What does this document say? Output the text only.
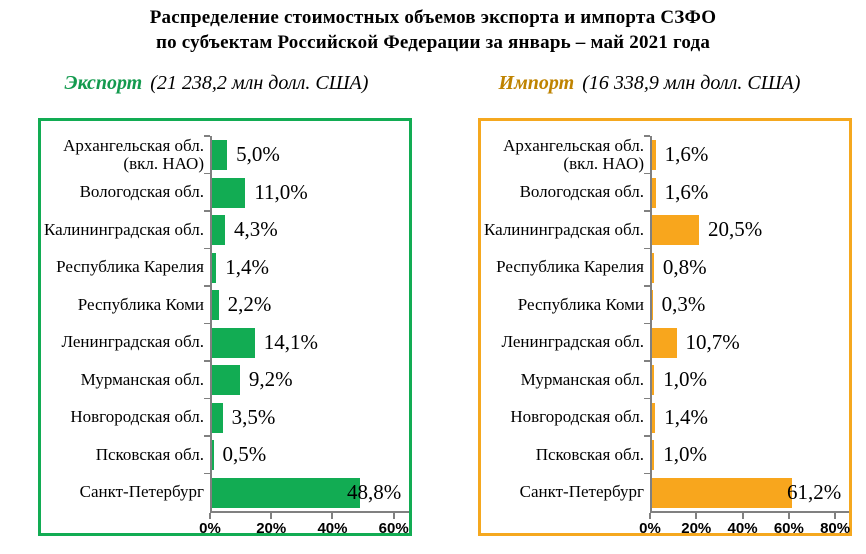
Распределение стоимостных объемов экспорта и импорта СЗФО
по субъектам Российской Федерации за январь – май 2021 года
Экспорт (21 238,2 млн долл. США)	Импорт (16 338,9 млн долл. США)
Архангельская обл.
(вкл. НАО) 5,0%
Вологодская обл. 11,0%
Калининградская обл. 4,3%
Республика Карелия 1,4%
Республика Коми 2,2%
Ленинградская обл.	14,1%
Мурманская обл. 9,2%
Новгородская обл. 3,5%
Псковская обл. 0,5%
Санкт-Петербург	48,8%
0% 20% 40% 60%
Архангельская обл.
(вкл. НАО) 1,6%
Вологодская обл. 1,6%
Калининградская обл.	20,5%
Республика Карелия 0,8%
Республика Коми 0,3%
Ленинградская обл. 10,7%
Мурманская обл. 1,0%
Новгородская обл. 1,4%
Псковская обл. 1,0%
Санкт-Петербург	61,2%
0% 20% 40% 60% 80%
